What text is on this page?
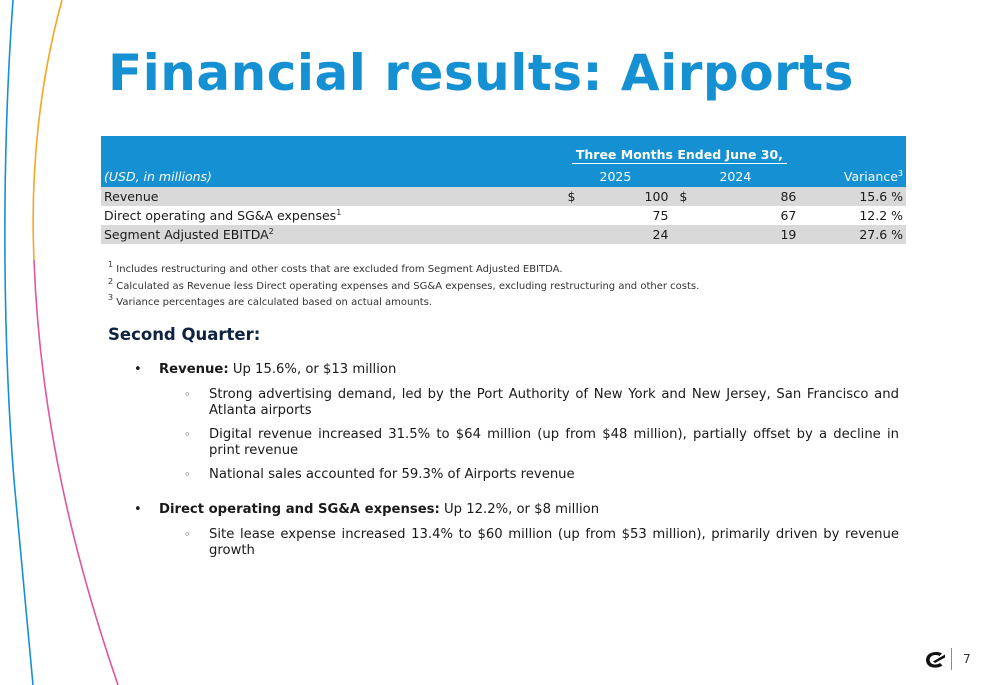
Financial results: Airports
	Three Months Ended June 30,				
(USD, in millions)	2025		2024		Variance$^3$
Revenue	$	100	$	86	15.6 %
Direct operating and SG&A expenses$^1$		75		67	12.2 %
Segment Adjusted EBITDA$^2$		24		19	27.6 %
$^1$ Includes restructuring and other costs that are excluded from Segment Adjusted EBITDA.
$^2$ Calculated as Revenue less Direct operating expenses and SG&A expenses, excluding restructuring and other costs.
$^3$ Variance percentages are calculated based on actual amounts.
Second Quarter:
• Revenue: Up 15.6%, or $13 million
◦ Strong advertising demand, led by the Port Authority of New York and New Jersey, San Francisco and Atlanta airports
◦ Digital revenue increased 31.5% to $64 million (up from $48 million), partially offset by a decline in print revenue
◦ National sales accounted for 59.3% of Airports revenue
• Direct operating and SG&A expenses: Up 12.2%, or $8 million
◦ Site lease expense increased 13.4% to $60 million (up from $53 million), primarily driven by revenue growth
7
